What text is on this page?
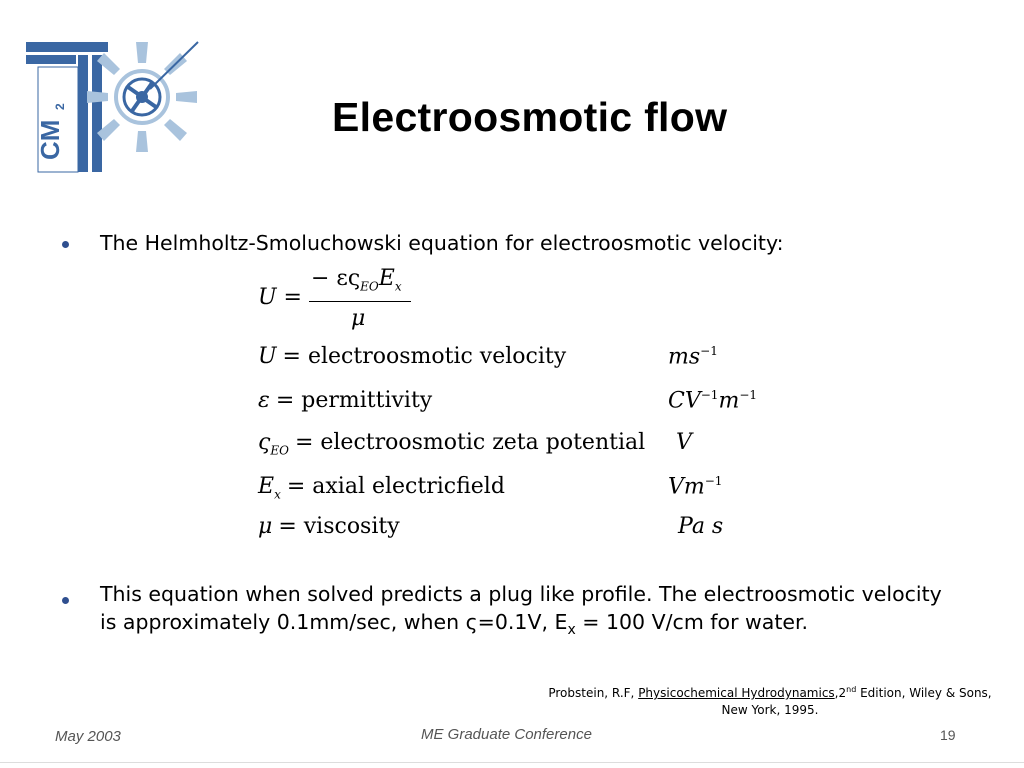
CM
2	Electroosmotic flow
The Helmholtz-Smoluchowski equation for electroosmotic velocity:
U =
− $\varepsilon\varsigma_{EO}E_x$
μ
U = electroosmotic velocity	$ms^{-1}$
ε = permittivity	$CV^{-1}m^{-1}$
$\varsigma_{EO}$ = electroosmotic zeta potential V
$E_x$ = axial electricfield	$Vm^{-1}$
μ = viscosity	Pa s
This equation when solved predicts a plug like profile. The electroosmotic velocity is approximately 0.1mm/sec, when ς=0.1V, $E_x = 100$ V/cm for water.
Probstein, R.F, Physicochemical Hydrodynamics,2nd Edition, Wiley & Sons,
New York, 1995.
May 2003	ME Graduate Conference	19
